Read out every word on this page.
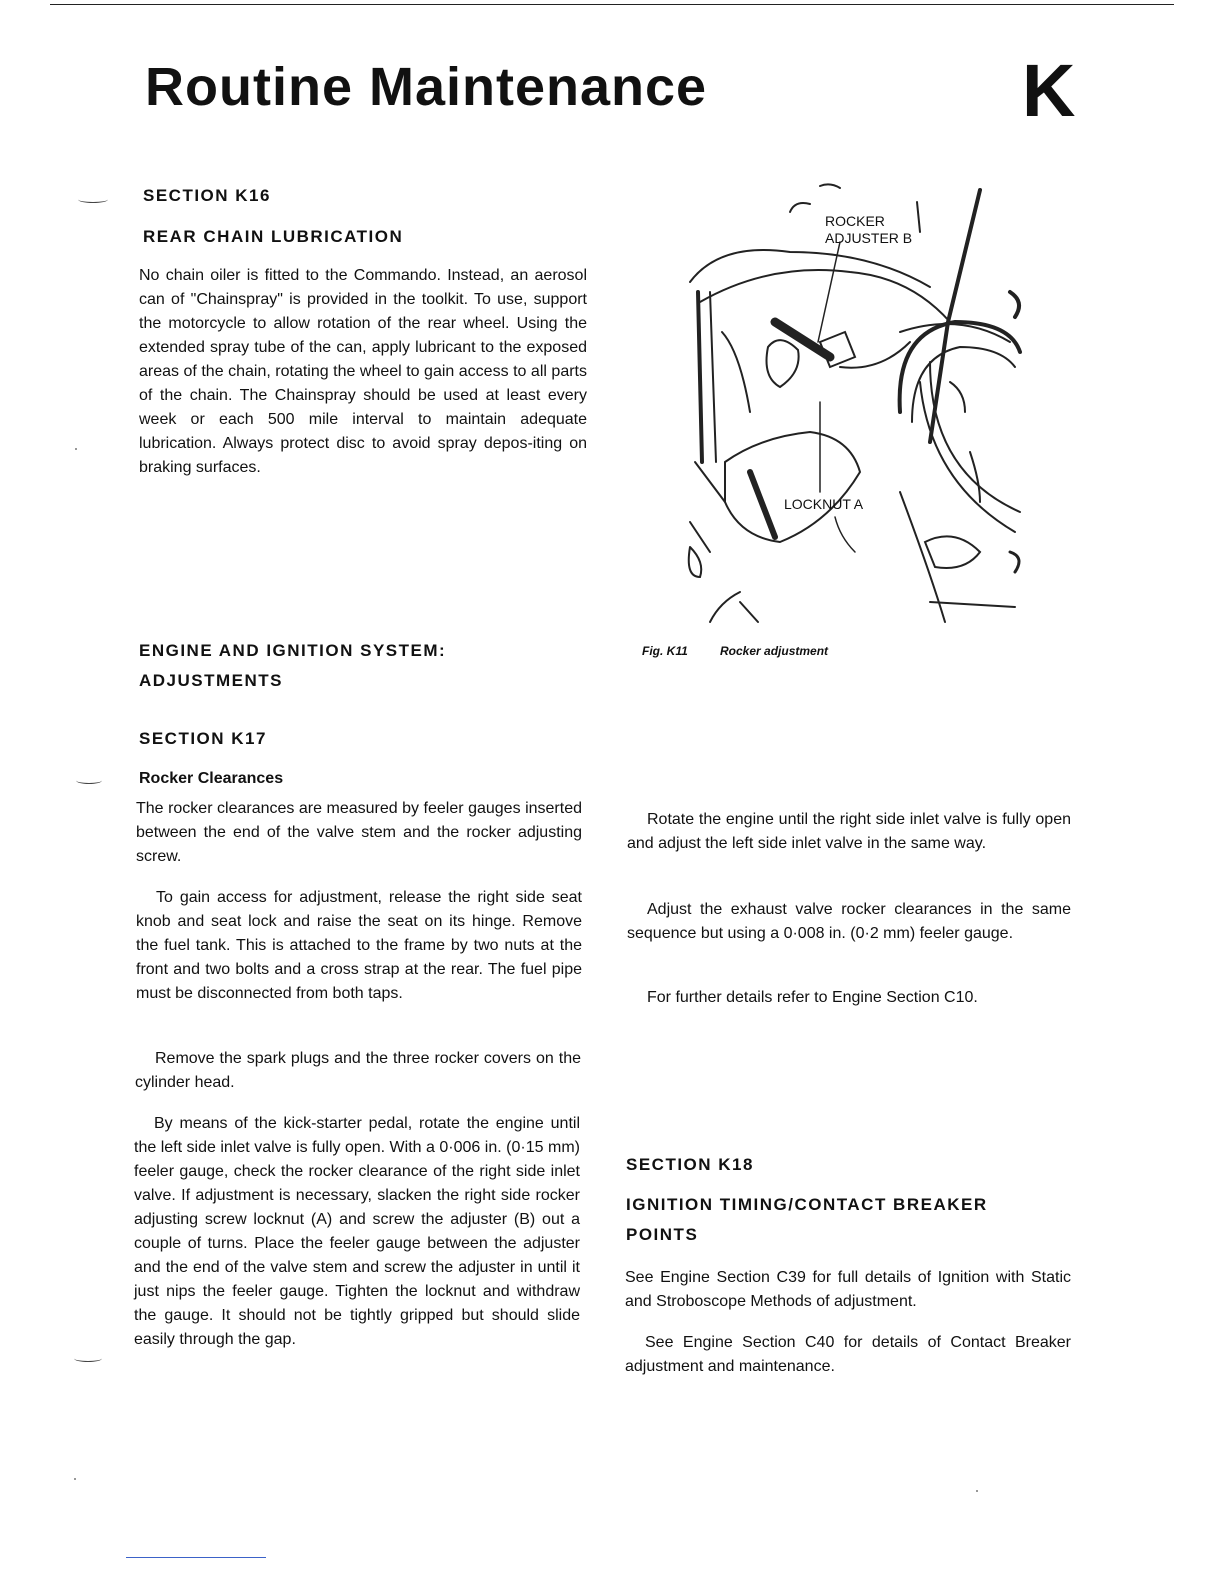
Routine Maintenance	K
SECTION K16
REAR CHAIN LUBRICATION

No chain oiler is fitted to the Commando. Instead, an aerosol can of "Chainspray" is provided in the toolkit. To use, support the motorcycle to allow rotation of the rear wheel. Using the extended spray tube of the can, apply lubricant to the exposed areas of the chain, rotating the wheel to gain access to all parts of the chain. The Chainspray should be used at least every week or each 500 mile interval to maintain adequate lubrication. Always protect disc to avoid spray depos-iting on braking surfaces.

ROCKER
ADJUSTER B
LOCKNUT A

Fig. K11	Rocker adjustment

ENGINE AND IGNITION SYSTEM:
ADJUSTMENTS
SECTION K17
Rocker Clearances

The rocker clearances are measured by feeler gauges inserted between the end of the valve stem and the rocker adjusting screw.

To gain access for adjustment, release the right side seat knob and seat lock and raise the seat on its hinge. Remove the fuel tank. This is attached to the frame by two nuts at the front and two bolts and a cross strap at the rear. The fuel pipe must be disconnected from both taps.

Remove the spark plugs and the three rocker covers on the cylinder head.

By means of the kick-starter pedal, rotate the engine until the left side inlet valve is fully open. With a 0·006 in. (0·15 mm) feeler gauge, check the rocker clearance of the right side inlet valve. If adjustment is necessary, slacken the right side rocker adjusting screw locknut (A) and screw the adjuster (B) out a couple of turns. Place the feeler gauge between the adjuster and the end of the valve stem and screw the adjuster in until it just nips the feeler gauge. Tighten the locknut and withdraw the gauge. It should not be tightly gripped but should slide easily through the gap.

Rotate the engine until the right side inlet valve is fully open and adjust the left side inlet valve in the same way.

Adjust the exhaust valve rocker clearances in the same sequence but using a 0·008 in. (0·2 mm) feeler gauge.

For further details refer to Engine Section C10.

SECTION K18
IGNITION TIMING/CONTACT BREAKER POINTS

See Engine Section C39 for full details of Ignition with Static and Stroboscope Methods of adjustment.

See Engine Section C40 for details of Contact Breaker adjustment and maintenance.
